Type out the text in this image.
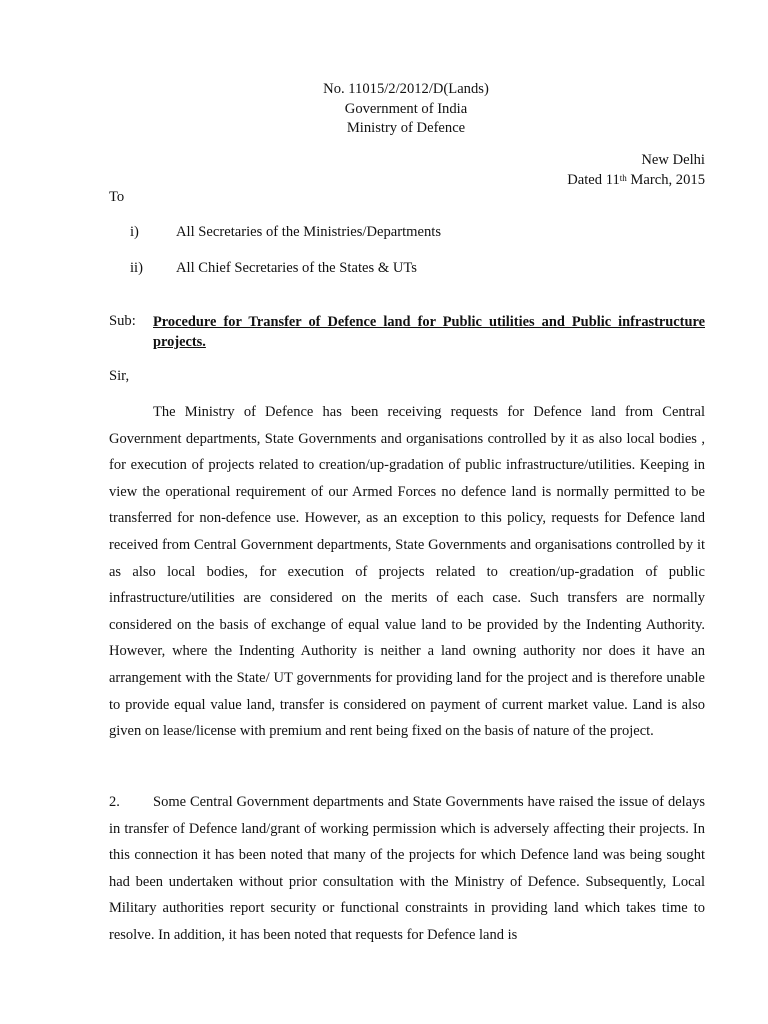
No. 11015/2/2012/D(Lands)
Government of India
Ministry of Defence
New Delhi
Dated 11th March, 2015
To
i)	All Secretaries of the Ministries/Departments
ii) All Chief Secretaries of the States & UTs
Sub: Procedure for Transfer of Defence land for Public utilities and Public infrastructure projects.
Sir,

The Ministry of Defence has been receiving requests for Defence land from Central Government departments, State Governments and organisations controlled by it as also local bodies , for execution of projects related to creation/up-gradation of public infrastructure/utilities. Keeping in view the operational requirement of our Armed Forces no defence land is normally permitted to be transferred for non-defence use. However, as an exception to this policy, requests for Defence land received from Central Government departments, State Governments and organisations controlled by it as also local bodies, for execution of projects related to creation/up-gradation of public infrastructure/utilities are considered on the merits of each case. Such transfers are normally considered on the basis of exchange of equal value land to be provided by the Indenting Authority. However, where the Indenting Authority is neither a land owning authority nor does it have an arrangement with the State/ UT governments for providing land for the project and is therefore unable to provide equal value land, transfer is considered on payment of current market value. Land is also given on lease/license with premium and rent being fixed on the basis of nature of the project.

2. Some Central Government departments and State Governments have raised the issue of delays in transfer of Defence land/grant of working permission which is adversely affecting their projects. In this connection it has been noted that many of the projects for which Defence land was being sought had been undertaken without prior consultation with the Ministry of Defence. Subsequently, Local Military authorities report security or functional constraints in providing land which takes time to resolve. In addition, it has been noted that requests for Defence land is
